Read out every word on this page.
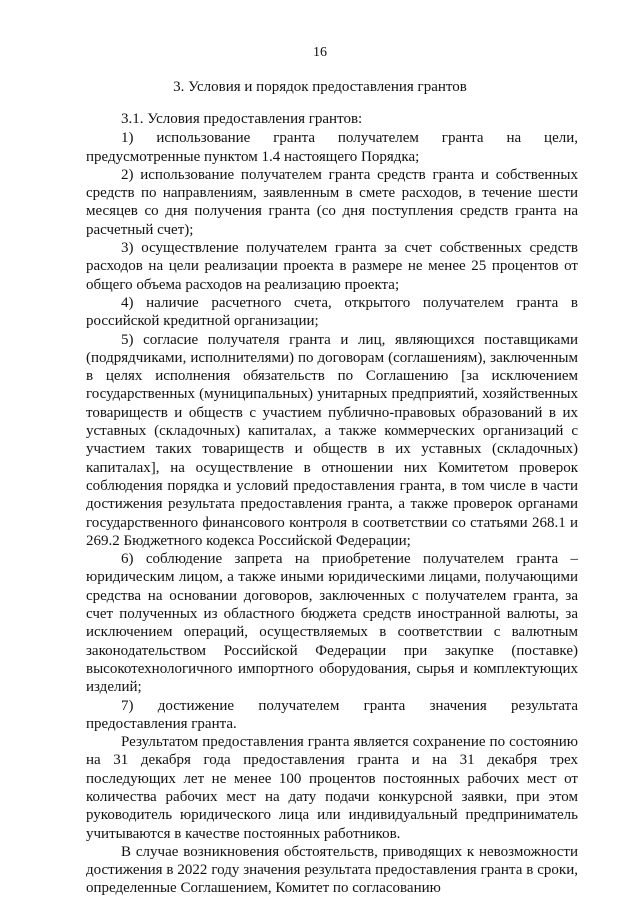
16
3. Условия и порядок предоставления грантов

3.1. Условия предоставления грантов:

1) использование гранта получателем гранта на цели, предусмотренные пунктом 1.4 настоящего Порядка;

2) использование получателем гранта средств гранта и собственных средств по направлениям, заявленным в смете расходов, в течение шести месяцев со дня получения гранта (со дня поступления средств гранта на расчетный счет);

3) осуществление получателем гранта за счет собственных средств расходов на цели реализации проекта в размере не менее 25 процентов от общего объема расходов на реализацию проекта;

4) наличие расчетного счета, открытого получателем гранта в российской кредитной организации;

5) согласие получателя гранта и лиц, являющихся поставщиками (подрядчиками, исполнителями) по договорам (соглашениям), заключенным в целях исполнения обязательств по Соглашению [за исключением государственных (муниципальных) унитарных предприятий, хозяйственных товариществ и обществ с участием публично-правовых образований в их уставных (складочных) капиталах, а также коммерческих организаций с участием таких товариществ и обществ в их уставных (складочных) капиталах], на осуществление в отношении них Комитетом проверок соблюдения порядка и условий предоставления гранта, в том числе в части достижения результата предоставления гранта, а также проверок органами государственного финансового контроля в соответствии со статьями 268.1 и 269.2 Бюджетного кодекса Российской Федерации;

6) соблюдение запрета на приобретение получателем гранта – юридическим лицом, а также иными юридическими лицами, получающими средства на основании договоров, заключенных с получателем гранта, за счет полученных из областного бюджета средств иностранной валюты, за исключением операций, осуществляемых в соответствии с валютным законодательством Российской Федерации при закупке (поставке) высокотехнологичного импортного оборудования, сырья и комплектующих изделий;

7) достижение получателем гранта значения результата предоставления гранта.

Результатом предоставления гранта является сохранение по состоянию на 31 декабря года предоставления гранта и на 31 декабря трех последующих лет не менее 100 процентов постоянных рабочих мест от количества рабочих мест на дату подачи конкурсной заявки, при этом руководитель юридического лица или индивидуальный предприниматель учитываются в качестве постоянных работников.

В случае возникновения обстоятельств, приводящих к невозможности достижения в 2022 году значения результата предоставления гранта в сроки, определенные Соглашением, Комитет по согласованию
